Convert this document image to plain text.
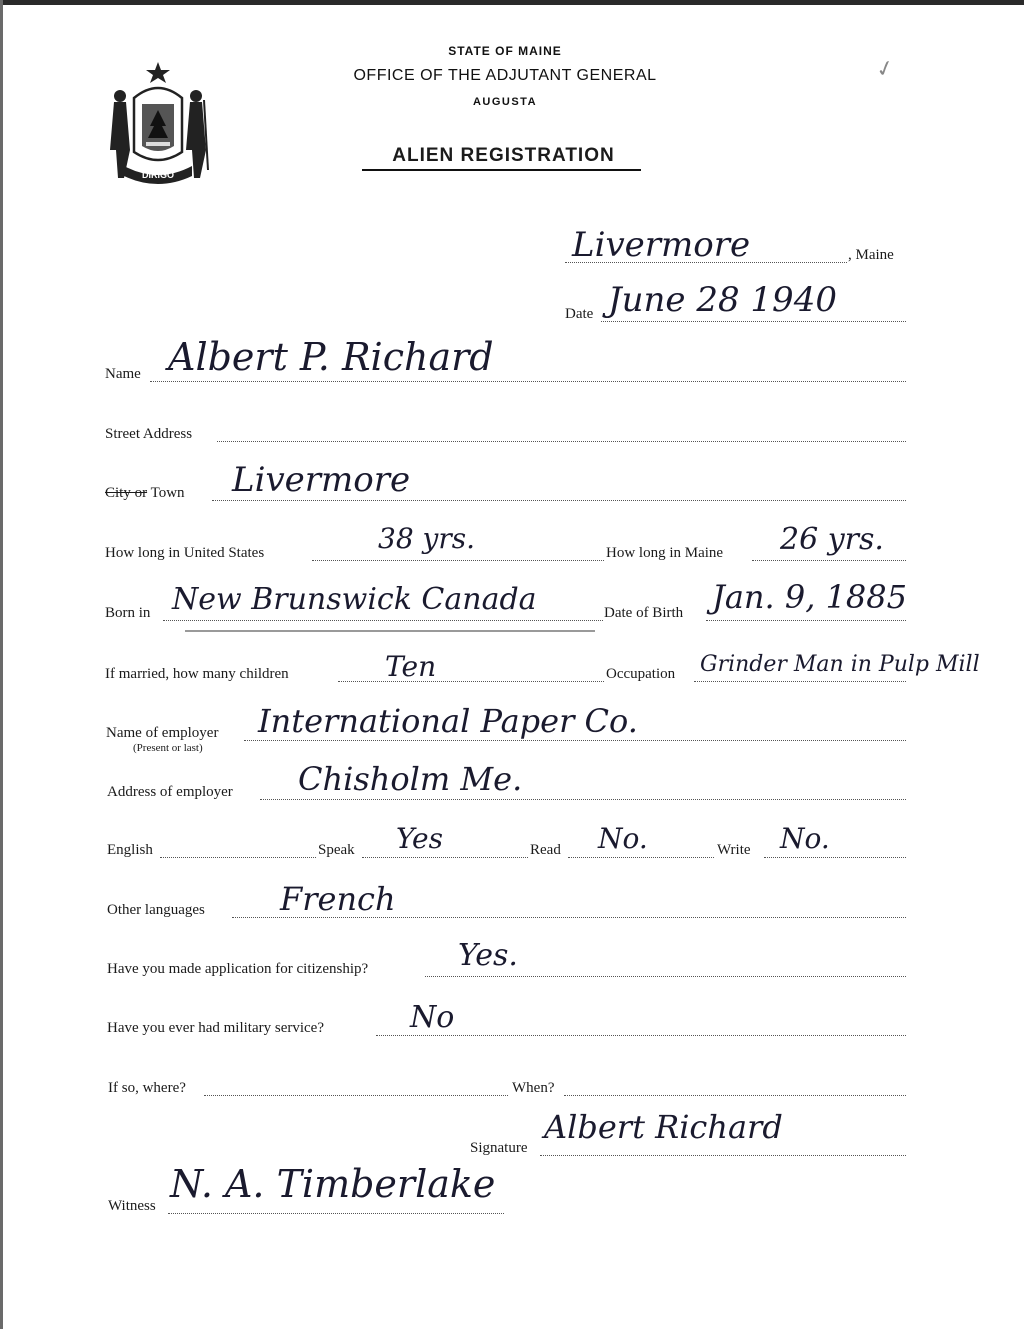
DIRIGO
STATE OF MAINE
OFFICE OF THE ADJUTANT GENERAL
AUGUSTA
ALIEN REGISTRATION
✓
Livermore	, Maine
Date June 28 1940
Name Albert P. Richard
Street Address
City or Town Livermore
How long in United States	38 yrs.	How long in Maine 26 yrs.
Born in New Brunswick Canada	Date of Birth Jan. 9, 1885
If married, how many children	Ten	Occupation Grinder Man in Pulp Mill
Name of employer
(Present or last)
International Paper Co.
Address of employer Chisholm Me.
English	Speak Yes	Read No.	Write No.
Other languages French
Have you made application for citizenship?	Yes.
Have you ever had military service?	No
If so, where?	When?
Signature
Albert Richard
Witness N. A. Timberlake
